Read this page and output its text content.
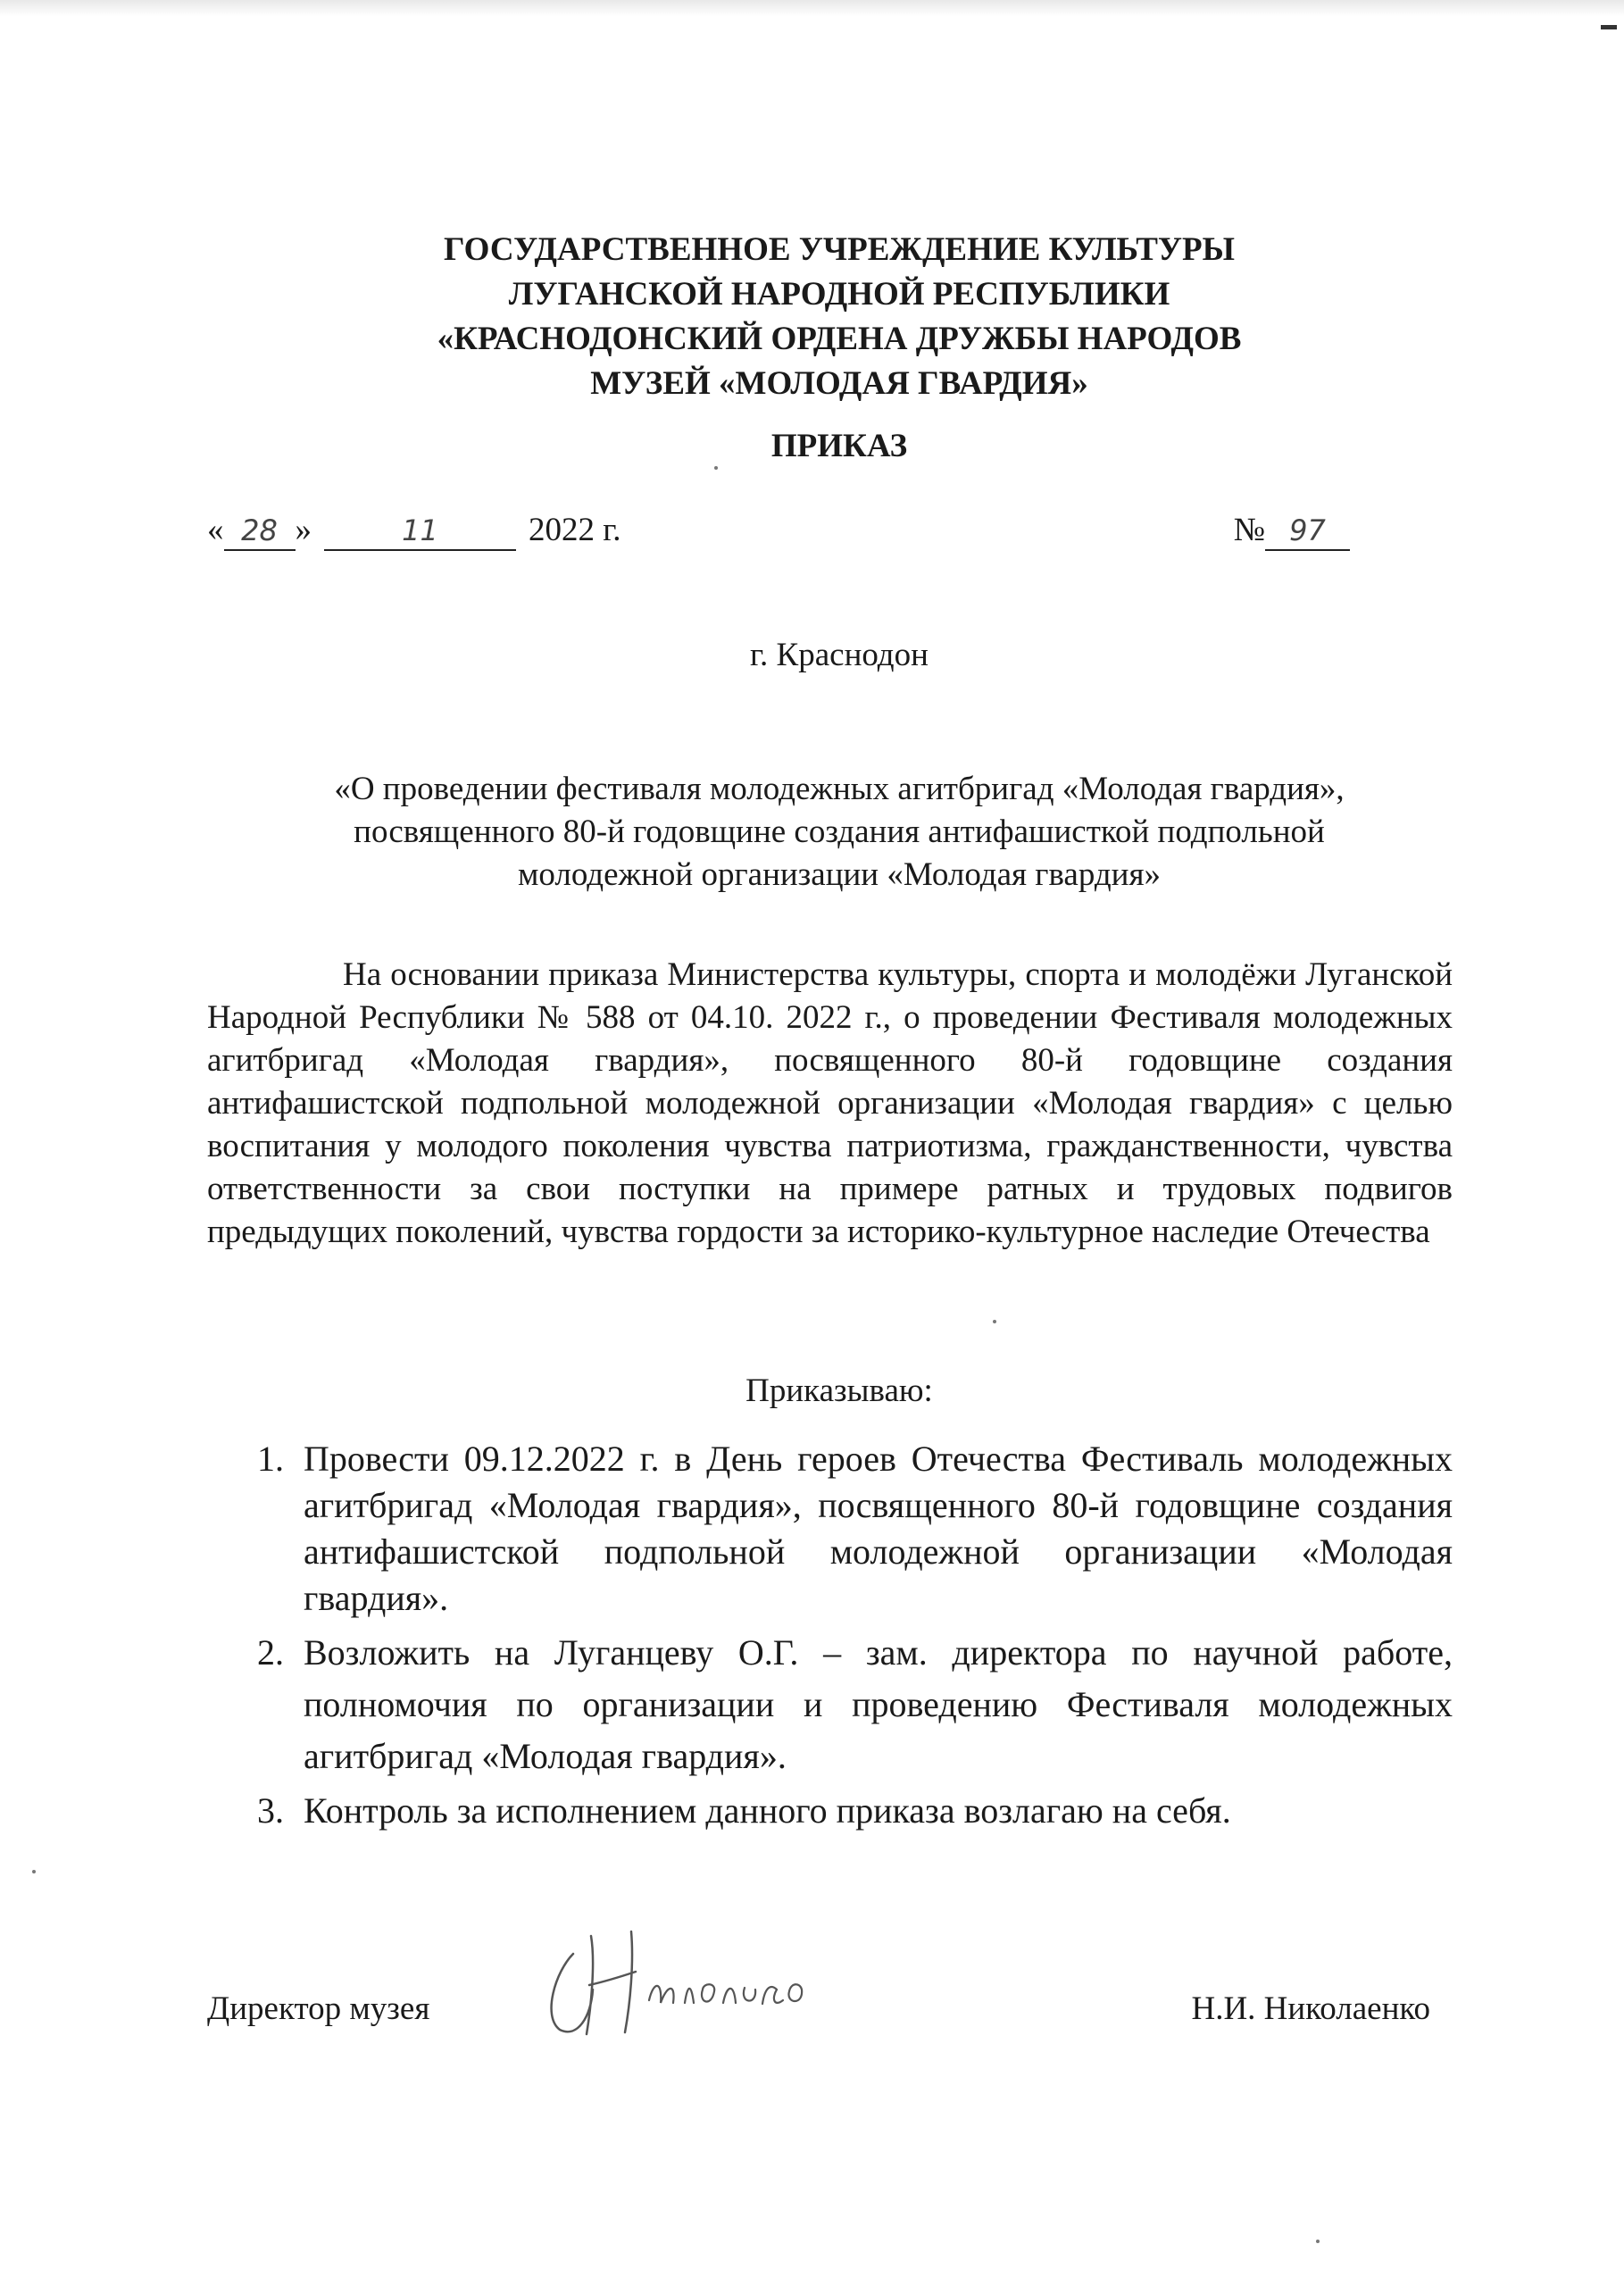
ГОСУДАРСТВЕННОЕ УЧРЕЖДЕНИЕ КУЛЬТУРЫ
ЛУГАНСКОЙ НАРОДНОЙ РЕСПУБЛИКИ
«КРАСНОДОНСКИЙ ОРДЕНА ДРУЖБЫ НАРОДОВ
МУЗЕЙ «МОЛОДАЯ ГВАРДИЯ»
ПРИКАЗ
« 28 »	11	2022 г.	№ 97
г. Краснодон
«О проведении фестиваля молодежных агитбригад «Молодая гвардия»,
посвященного 80-й годовщине создания антифашисткой подпольной
молодежной организации «Молодая гвардия»
На основании приказа Министерства культуры, спорта и молодёжи Луганской Народной Республики № 588 от 04.10. 2022 г., о проведении Фестиваля молодежных агитбригад «Молодая гвардия», посвященного 80-й годовщине создания антифашистской подпольной молодежной организации «Молодая гвардия» с целью воспитания у молодого поколения чувства патриотизма, гражданственности, чувства ответственности за свои поступки на примере ратных и трудовых подвигов предыдущих поколений, чувства гордости за историко-культурное наследие Отечества
Приказываю:
1. Провести 09.12.2022 г. в День героев Отечества Фестиваль молодежных агитбригад «Молодая гвардия», посвященного 80-й годовщине создания антифашистской подпольной молодежной организации «Молодая гвардия».
2. Возложить на Луганцеву О.Г. – зам. директора по научной работе, полномочия по организации и проведению Фестиваля молодежных агитбригад «Молодая гвардия».
3. Контроль за исполнением данного приказа возлагаю на себя.
Директор музея	Н.И. Николаенко
